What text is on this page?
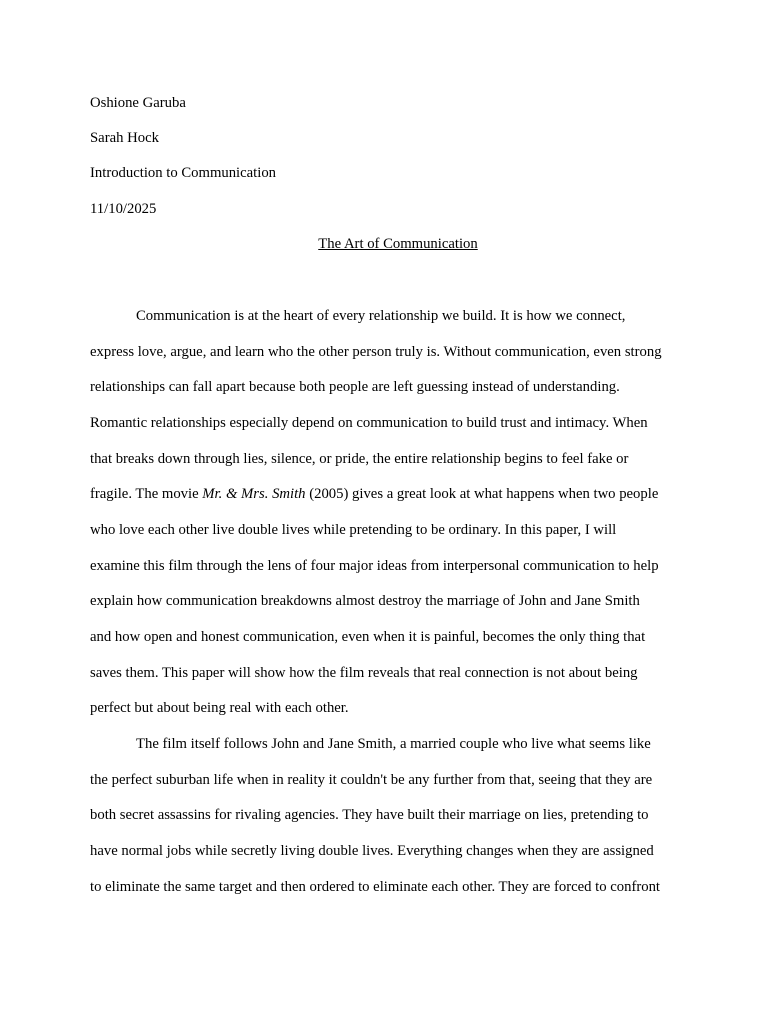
Oshione Garuba
Sarah Hock
Introduction to Communication
11/10/2025
The Art of Communication
Communication is at the heart of every relationship we build. It is how we connect,
express love, argue, and learn who the other person truly is. Without communication, even strong
relationships can fall apart because both people are left guessing instead of understanding.
Romantic relationships especially depend on communication to build trust and intimacy. When
that breaks down through lies, silence, or pride, the entire relationship begins to feel fake or
fragile. The movie Mr. & Mrs. Smith (2005) gives a great look at what happens when two people
who love each other live double lives while pretending to be ordinary. In this paper, I will
examine this film through the lens of four major ideas from interpersonal communication to help
explain how communication breakdowns almost destroy the marriage of John and Jane Smith
and how open and honest communication, even when it is painful, becomes the only thing that
saves them. This paper will show how the film reveals that real connection is not about being
perfect but about being real with each other.
The film itself follows John and Jane Smith, a married couple who live what seems like
the perfect suburban life when in reality it couldn't be any further from that, seeing that they are
both secret assassins for rivaling agencies. They have built their marriage on lies, pretending to
have normal jobs while secretly living double lives. Everything changes when they are assigned
to eliminate the same target and then ordered to eliminate each other. They are forced to confront
